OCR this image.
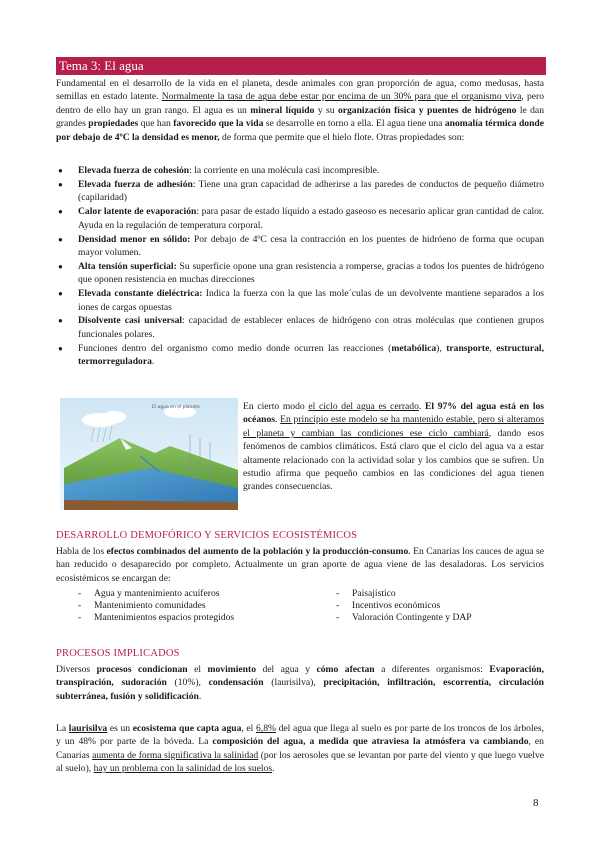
Tema 3: El agua

Fundamental en el desarrollo de la vida en el planeta, desde animales con gran proporción de agua, como medusas, hasta semillas en estado latente. Normalmente la tasa de agua debe estar por encima de un 30% para que el organismo viva, pero dentro de ello hay un gran rango. El agua es un mineral líquido y su organización física y puentes de hidrógeno le dan grandes propiedades que han favorecido que la vida se desarrolle en torno a ella. El agua tiene una anomalía térmica donde por debajo de 4ºC la densidad es menor, de forma que permite que el hielo flote. Otras propiedades son:

● Elevada fuerza de cohesión: la corriente en una molécula casi incompresible.
● Elevada fuerza de adhesión: Tiene una gran capacidad de adherirse a las paredes de conductos de pequeño diámetro (capilaridad)
● Calor latente de evaporación: para pasar de estado líquido a estado gaseoso es necesario aplicar gran cantidad de calor. Ayuda en la regulación de temperatura corporal.
● Densidad menor en sólido: Por debajo de 4ºC cesa la contracción en los puentes de hidróeno de forma que ocupan mayor volumen.
● Alta tensión superficial: Su superficie opone una gran resistencia a romperse, gracias a todos los puentes de hidrógeno que oponen resistencia en muchas direcciones
● Elevada constante dieléctrica: Indica la fuerza con la que las mole´culas de un devolvente mantiene separados a los iones de cargas opuestas
● Disolvente casi universal: capacidad de establecer enlaces de hidrógeno con otras moléculas que contienen grupos funcionales polares.
● Funciones dentro del organismo como medio donde ocurren las reacciones (metabólica), transporte, estructural, termorreguladora.
El agua en el planeta	En cierto modo el ciclo del agua es cerrado. El 97% del agua está en los océanos. En principio este modelo se ha mantenido estable, pero si alteramos el planeta y cambian las condiciones ese ciclo cambiará, dando esos fenómenos de cambios climáticos. Está claro que el ciclo del agua va a estar altamente relacionado con la actividad solar y los cambios que se sufren. Un estudio afirma que pequeño cambios en las condiciones del agua tienen grandes consecuencias.

DESARROLLO DEMOFÓRICO Y SERVICIOS ECOSISTÉMICOS

Habla de los efectos combinados del aumento de la población y la producción-consumo. En Canarias los cauces de agua se han reducido o desaparecido por completo. Actualmente un gran aporte de agua viene de las desaladoras. Los servicios ecosistémicos se encargan de:

- Agua y mantenimiento acuíferos
- Mantenimiento comunidades
- Mantenimientos espacios protegidos
- Paisajístico
- Incentivos económicos
- Valoración Contingente y DAP
PROCESOS IMPLICADOS

Diversos procesos condicionan el movimiento del agua y cómo afectan a diferentes organismos: Evaporación, transpiración, sudoración (10%), condensación (laurisilva), precipitación, infiltración, escorrentía, circulación subterránea, fusión y solidificación.

La laurisilva es un ecosistema que capta agua, el 6,8% del agua que llega al suelo es por parte de los troncos de los árboles, y un 48% por parte de la bóveda. La composición del agua, a medida que atraviesa la atmósfera va cambiando, en Canarias aumenta de forma significativa la salinidad (por los aerosoles que se levantan por parte del viento y que luego vuelve al suelo), hay un problema con la salinidad de los suelos.

8
